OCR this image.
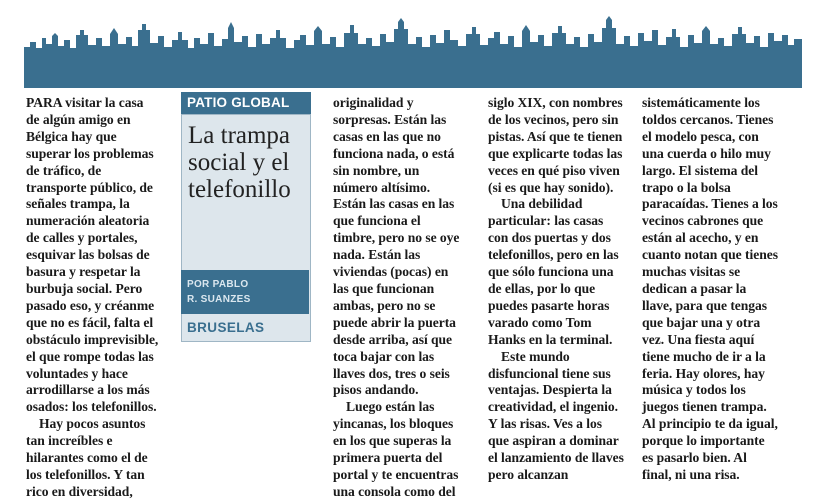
PARA visitar la casa de algún amigo en Bélgica hay que superar los problemas de tráfico, de transporte público, de señales trampa, la numeración aleatoria de calles y portales, esquivar las bolsas de basura y respetar la burbuja social. Pero pasado eso, y créanme que no es fácil, falta el obstáculo imprevisible, el que rompe todas las voluntades y hace arrodillarse a los más osados: los telefonillos.

Hay pocos asuntos tan increíbles e hilarantes como el de los telefonillos. Y tan rico en diversidad,

PATIO GLOBAL
La trampa social y el telefonillo
POR PABLO
R. SUANZES
BRUSELAS

originalidad y sorpresas. Están las casas en las que no funciona nada, o está sin nombre, un número altísimo. Están las casas en las que funciona el timbre, pero no se oye nada. Están las viviendas (pocas) en las que funcionan ambas, pero no se puede abrir la puerta desde arriba, así que toca bajar con las llaves dos, tres o seis pisos andando.

Luego están las yincanas, los bloques en los que superas la primera puerta del portal y te encuentras una consola como del

siglo XIX, con nombres de los vecinos, pero sin pistas. Así que te tienen que explicarte todas las veces en qué piso viven (si es que hay sonido).

Una debilidad particular: las casas con dos puertas y dos telefonillos, pero en las que sólo funciona una de ellas, por lo que puedes pasarte horas varado como Tom Hanks en la terminal.

Este mundo disfuncional tiene sus ventajas. Despierta la creatividad, el ingenio. Y las risas. Ves a los que aspiran a dominar el lanzamiento de llaves pero alcanzan

sistemáticamente los toldos cercanos. Tienes el modelo pesca, con una cuerda o hilo muy largo. El sistema del trapo o la bolsa paracaídas. Tienes a los vecinos cabrones que están al acecho, y en cuanto notan que tienes muchas visitas se dedican a pasar la llave, para que tengas que bajar una y otra vez. Una fiesta aquí tiene mucho de ir a la feria. Hay olores, hay música y todos los juegos tienen trampa. Al principio te da igual, porque lo importante es pasarlo bien. Al final, ni una risa.
